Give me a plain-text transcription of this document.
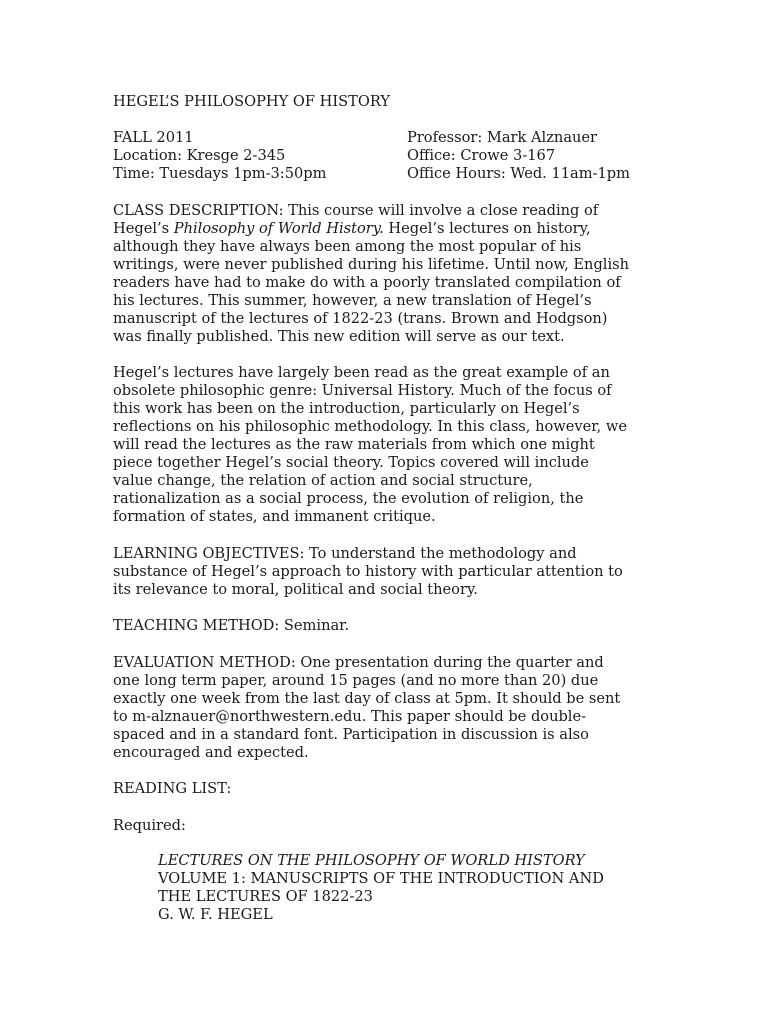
HEGEL’S PHILOSOPHY OF HISTORY
FALL 2011	Professor: Mark Alznauer
Location: Kresge 2-345	Office: Crowe 3-167
Time: Tuesdays 1pm-3:50pm	Office Hours: Wed. 11am-1pm

CLASS DESCRIPTION: This course will involve a close reading of

Hegel’s Philosophy of World History. Hegel’s lectures on history,

although they have always been among the most popular of his

writings, were never published during his lifetime. Until now, English

readers have had to make do with a poorly translated compilation of

his lectures. This summer, however, a new translation of Hegel’s

manuscript of the lectures of 1822-23 (trans. Brown and Hodgson)

was finally published. This new edition will serve as our text.

Hegel’s lectures have largely been read as the great example of an

obsolete philosophic genre: Universal History. Much of the focus of

this work has been on the introduction, particularly on Hegel’s

reflections on his philosophic methodology. In this class, however, we

will read the lectures as the raw materials from which one might

piece together Hegel’s social theory. Topics covered will include

value change, the relation of action and social structure,

rationalization as a social process, the evolution of religion, the

formation of states, and immanent critique.

LEARNING OBJECTIVES: To understand the methodology and

substance of Hegel’s approach to history with particular attention to

its relevance to moral, political and social theory.

TEACHING METHOD: Seminar.

EVALUATION METHOD: One presentation during the quarter and

one long term paper, around 15 pages (and no more than 20) due

exactly one week from the last day of class at 5pm. It should be sent

to m-alznauer@northwestern.edu. This paper should be double-

spaced and in a standard font. Participation in discussion is also

encouraged and expected.

READING LIST:

Required:

LECTURES ON THE PHILOSOPHY OF WORLD HISTORY
VOLUME 1: MANUSCRIPTS OF THE INTRODUCTION AND
THE LECTURES OF 1822-23
G. W. F. HEGEL
